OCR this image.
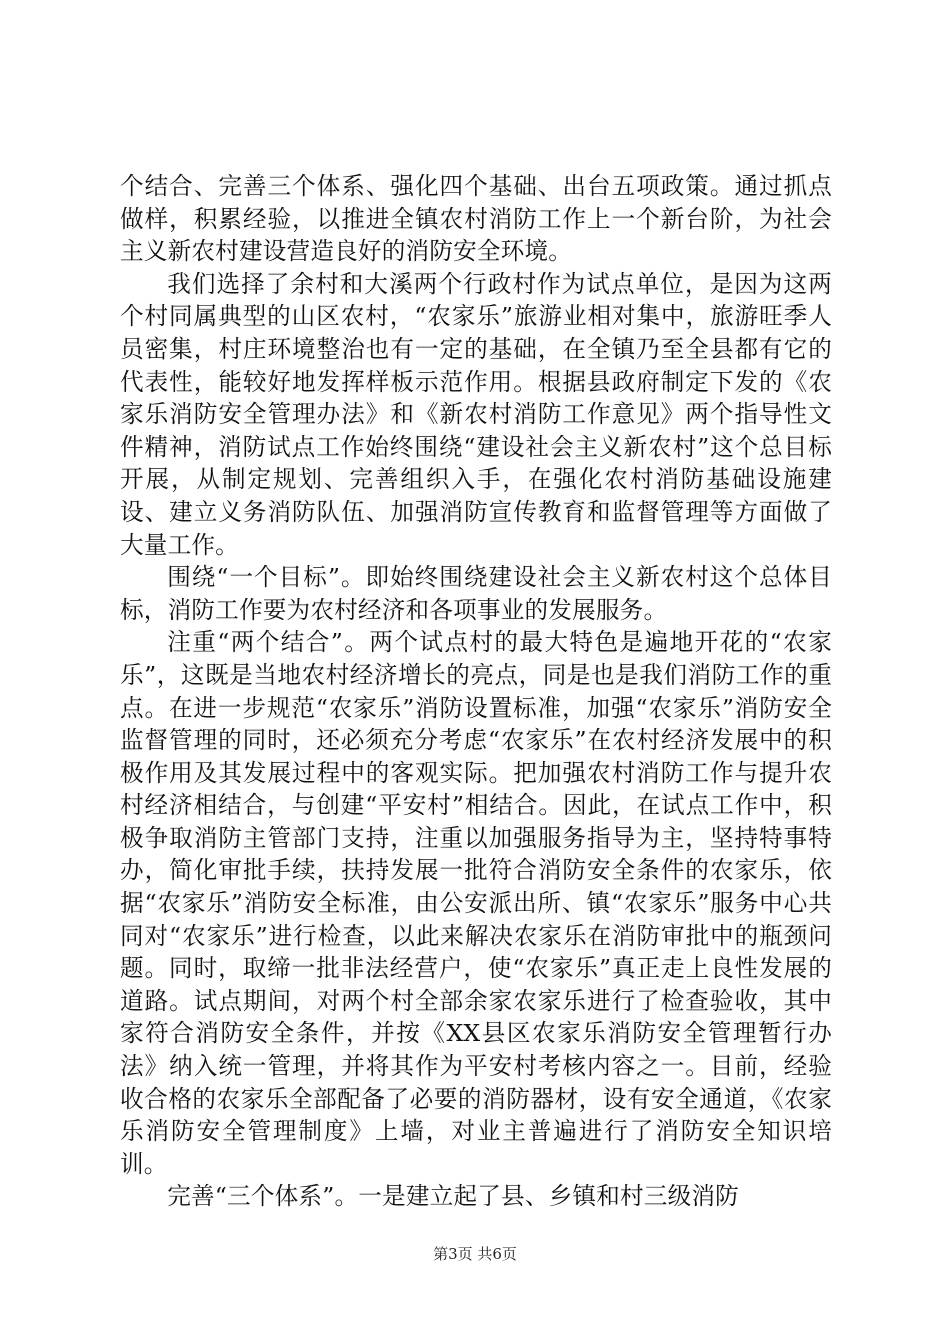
个结合、完善三个体系、强化四个基础、出台五项政策。通过抓点做样，积累经验，以推进全镇农村消防工作上一个新台阶，为社会主义新农村建设营造良好的消防安全环境。

我们选择了余村和大溪两个行政村作为试点单位，是因为这两个村同属典型的山区农村，“农家乐”旅游业相对集中，旅游旺季人员密集，村庄环境整治也有一定的基础，在全镇乃至全县都有它的代表性，能较好地发挥样板示范作用。根据县政府制定下发的《农家乐消防安全管理办法》和《新农村消防工作意见》两个指导性文件精神，消防试点工作始终围绕“建设社会主义新农村”这个总目标开展，从制定规划、完善组织入手，在强化农村消防基础设施建设、建立义务消防队伍、加强消防宣传教育和监督管理等方面做了大量工作。

围绕“一个目标”。即始终围绕建设社会主义新农村这个总体目标，消防工作要为农村经济和各项事业的发展服务。

注重“两个结合”。两个试点村的最大特色是遍地开花的“农家乐”，这既是当地农村经济增长的亮点，同是也是我们消防工作的重点。在进一步规范“农家乐”消防设置标准，加强“农家乐”消防安全监督管理的同时，还必须充分考虑“农家乐”在农村经济发展中的积极作用及其发展过程中的客观实际。把加强农村消防工作与提升农村经济相结合，与创建“平安村”相结合。因此，在试点工作中，积极争取消防主管部门支持，注重以加强服务指导为主，坚持特事特办，简化审批手续，扶持发展一批符合消防安全条件的农家乐，依据“农家乐”消防安全标准，由公安派出所、镇“农家乐”服务中心共同对“农家乐”进行检查，以此来解决农家乐在消防审批中的瓶颈问题。同时，取缔一批非法经营户，使“农家乐”真正走上良性发展的道路。试点期间，对两个村全部余家农家乐进行了检查验收，其中家符合消防安全条件，并按《XX县区农家乐消防安全管理暂行办法》纳入统一管理，并将其作为平安村考核内容之一。目前，经验收合格的农家乐全部配备了必要的消防器材，设有安全通道，《农家乐消防安全管理制度》上墙，对业主普遍进行了消防安全知识培训。

完善“三个体系”。一是建立起了县、乡镇和村三级消防

第3页 共6页
